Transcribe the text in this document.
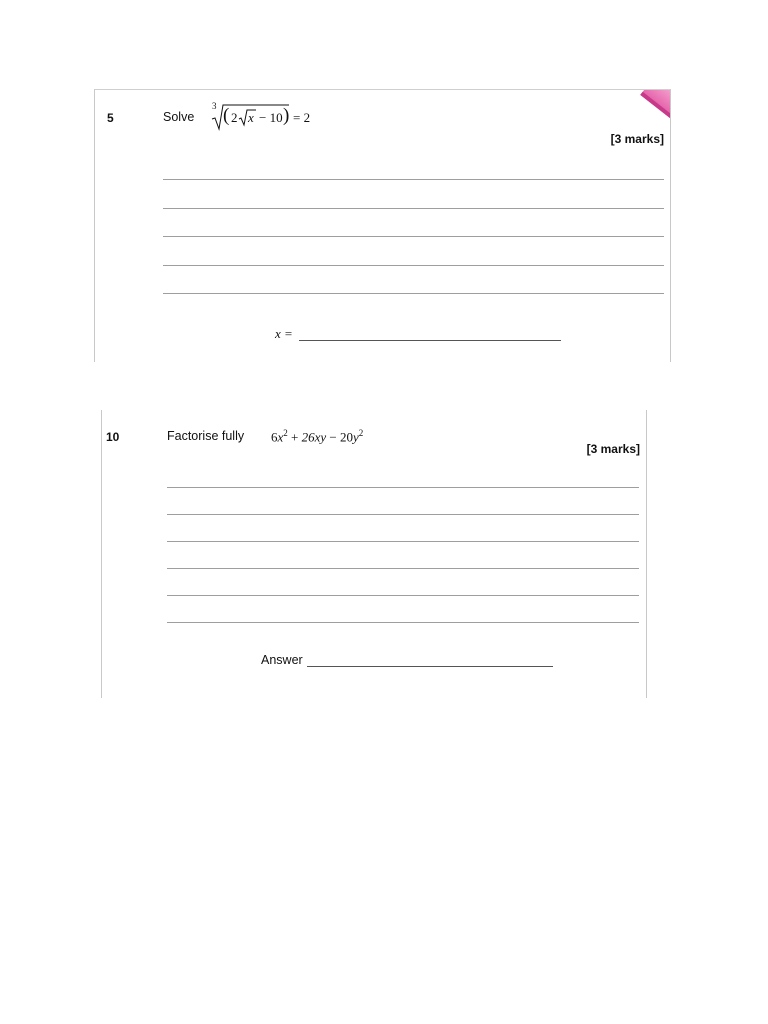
5	Solve
3 ( 2 x − 10 ) = 2
[3 marks]
x =
10	Factorise fully $6x^2 + 26xy - 20y^2$
[3 marks]
Answer
